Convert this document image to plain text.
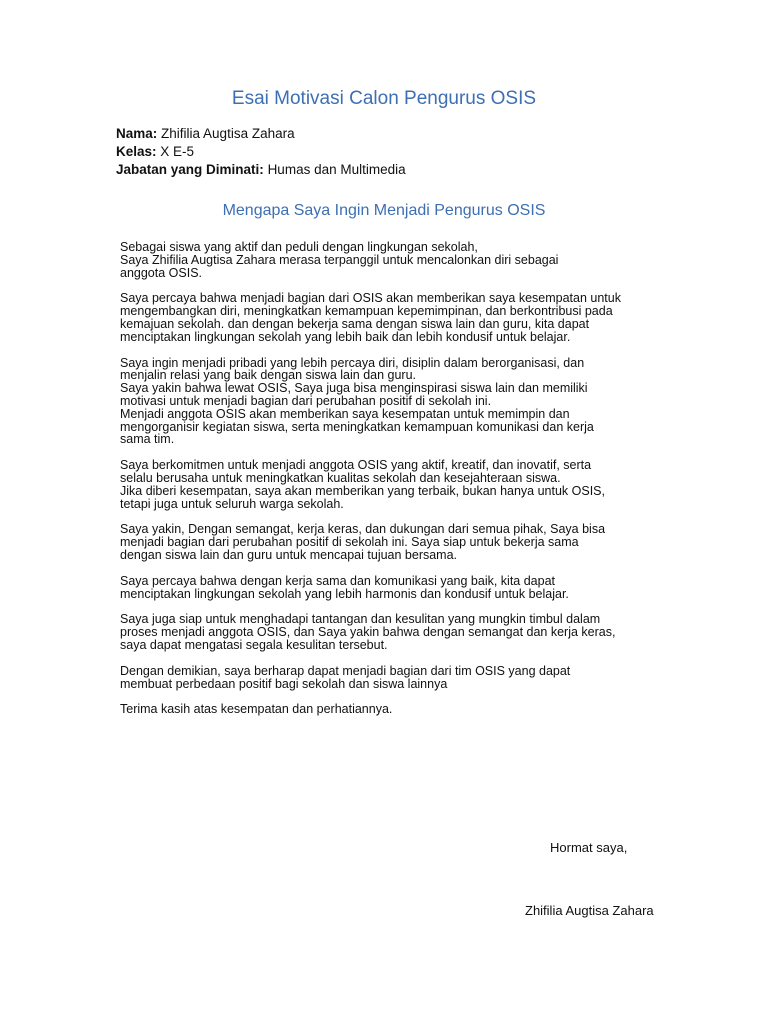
Esai Motivasi Calon Pengurus OSIS
Nama: Zhifilia Augtisa Zahara
Kelas: X E-5
Jabatan yang Diminati: Humas dan Multimedia
Mengapa Saya Ingin Menjadi Pengurus OSIS

Sebagai siswa yang aktif dan peduli dengan lingkungan sekolah,
Saya Zhifilia Augtisa Zahara merasa terpanggil untuk mencalonkan diri sebagai
anggota OSIS.

Saya percaya bahwa menjadi bagian dari OSIS akan memberikan saya kesempatan untuk
mengembangkan diri, meningkatkan kemampuan kepemimpinan, dan berkontribusi pada
kemajuan sekolah. dan dengan bekerja sama dengan siswa lain dan guru, kita dapat
menciptakan lingkungan sekolah yang lebih baik dan lebih kondusif untuk belajar.

Saya ingin menjadi pribadi yang lebih percaya diri, disiplin dalam berorganisasi, dan
menjalin relasi yang baik dengan siswa lain dan guru.
Saya yakin bahwa lewat OSIS, Saya juga bisa menginspirasi siswa lain dan memiliki
motivasi untuk menjadi bagian dari perubahan positif di sekolah ini.
Menjadi anggota OSIS akan memberikan saya kesempatan untuk memimpin dan
mengorganisir kegiatan siswa, serta meningkatkan kemampuan komunikasi dan kerja
sama tim.

Saya berkomitmen untuk menjadi anggota OSIS yang aktif, kreatif, dan inovatif, serta
selalu berusaha untuk meningkatkan kualitas sekolah dan kesejahteraan siswa.
Jika diberi kesempatan, saya akan memberikan yang terbaik, bukan hanya untuk OSIS,
tetapi juga untuk seluruh warga sekolah.

Saya yakin, Dengan semangat, kerja keras, dan dukungan dari semua pihak, Saya bisa
menjadi bagian dari perubahan positif di sekolah ini. Saya siap untuk bekerja sama
dengan siswa lain dan guru untuk mencapai tujuan bersama.

Saya percaya bahwa dengan kerja sama dan komunikasi yang baik, kita dapat
menciptakan lingkungan sekolah yang lebih harmonis dan kondusif untuk belajar.

Saya juga siap untuk menghadapi tantangan dan kesulitan yang mungkin timbul dalam
proses menjadi anggota OSIS, dan Saya yakin bahwa dengan semangat dan kerja keras,
saya dapat mengatasi segala kesulitan tersebut.

Dengan demikian, saya berharap dapat menjadi bagian dari tim OSIS yang dapat
membuat perbedaan positif bagi sekolah dan siswa lainnya

Terima kasih atas kesempatan dan perhatiannya.

Hormat saya,
Zhifilia Augtisa Zahara
